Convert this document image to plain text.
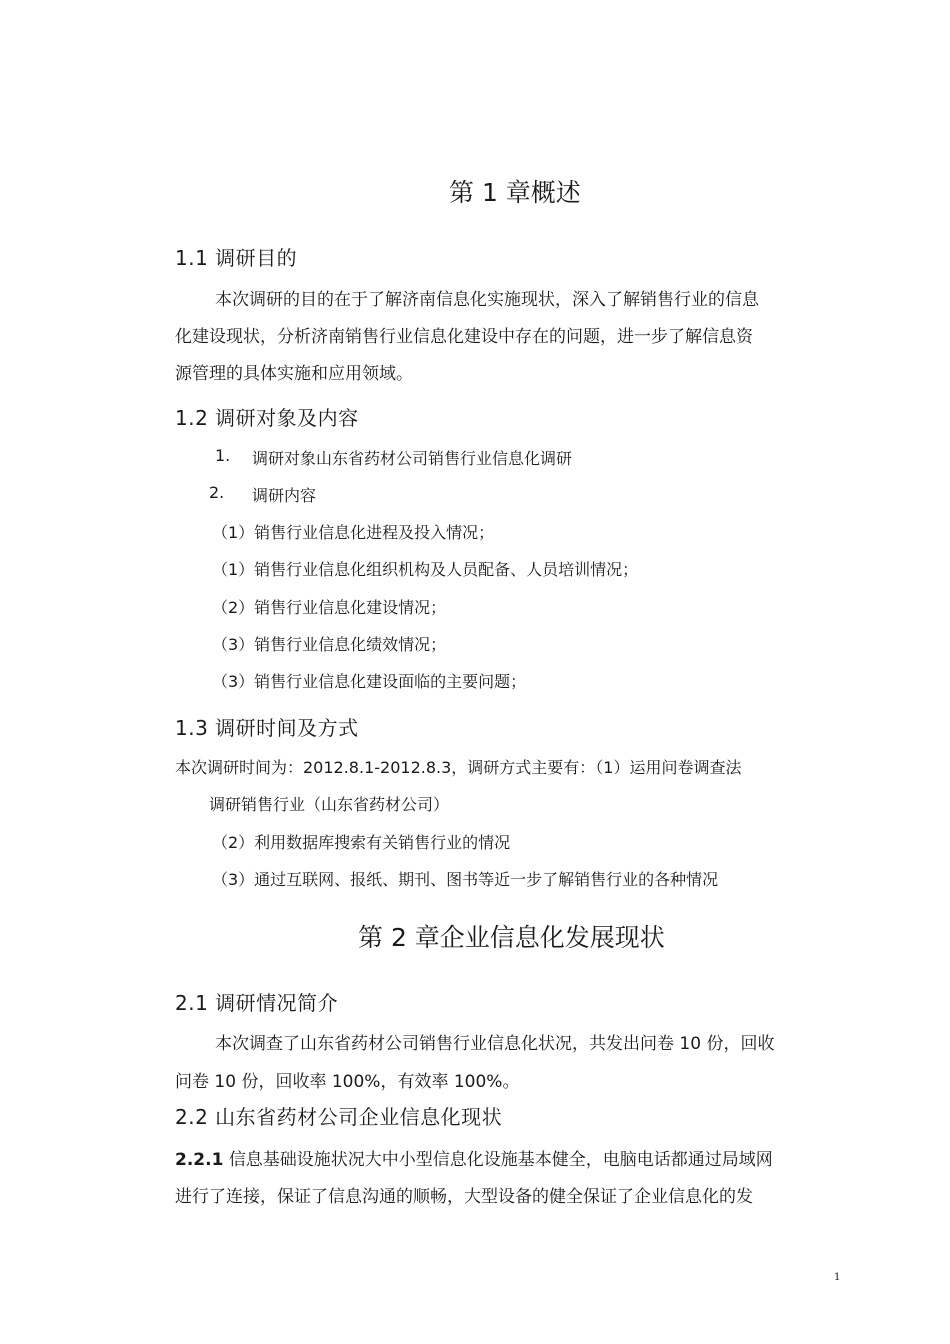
第 1 章概述
1.1 调研目的
本次调研的目的在于了解济南信息化实施现状，深入了解销售行业的信息
化建设现状，分析济南销售行业信息化建设中存在的问题，进一步了解信息资
源管理的具体实施和应用领域。
1.2 调研对象及内容
1. 调研对象山东省药材公司销售行业信息化调研
2. 调研内容
（1）销售行业信息化进程及投入情况；
（1）销售行业信息化组织机构及人员配备、人员培训情况；
（2）销售行业信息化建设情况；
（3）销售行业信息化绩效情况；
（3）销售行业信息化建设面临的主要问题；
1.3 调研时间及方式
本次调研时间为：2012.8.1-2012.8.3，调研方式主要有：（1）运用问卷调查法
调研销售行业（山东省药材公司）
（2）利用数据库搜索有关销售行业的情况
（3）通过互联网、报纸、期刊、图书等近一步了解销售行业的各种情况
第 2 章企业信息化发展现状
2.1 调研情况简介
本次调查了山东省药材公司销售行业信息化状况，共发出问卷 10 份，回收
问卷 10 份，回收率 100%，有效率 100%。
2.2 山东省药材公司企业信息化现状
2.2.1 信息基础设施状况大中小型信息化设施基本健全，电脑电话都通过局域网
进行了连接，保证了信息沟通的顺畅，大型设备的健全保证了企业信息化的发
1
